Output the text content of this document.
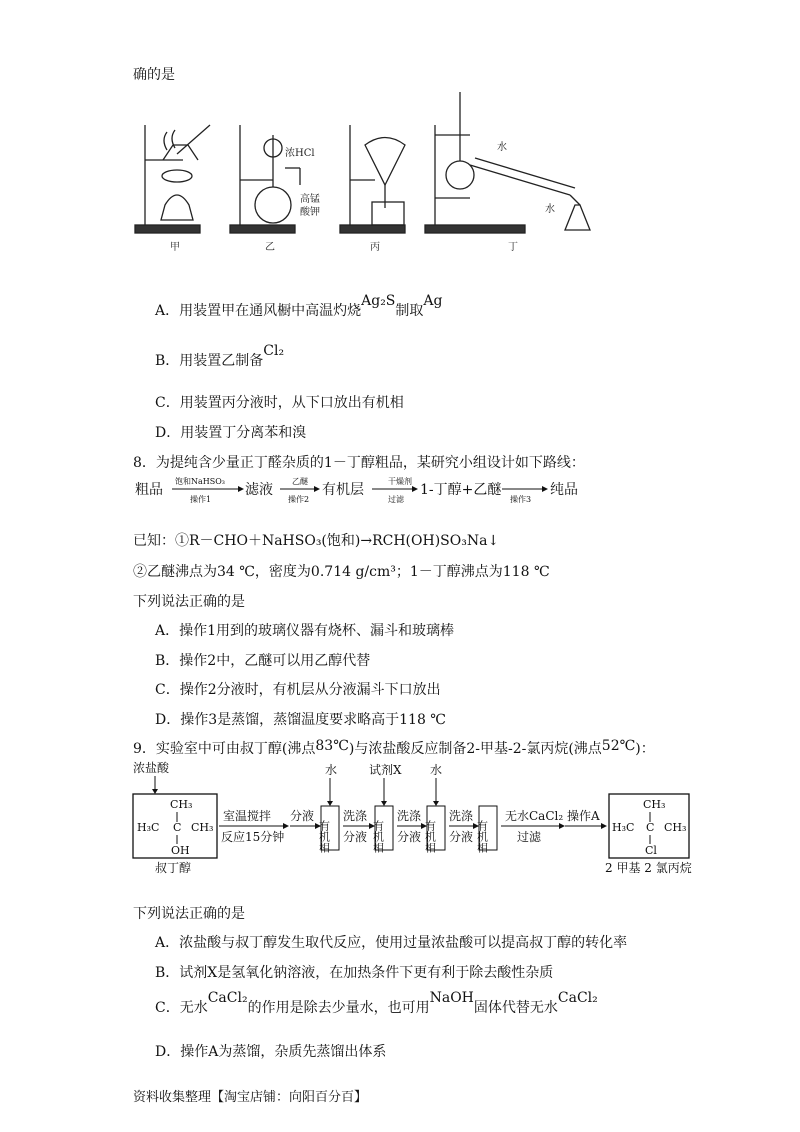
确的是
甲
浓HCl
高锰
酸钾
乙	丙
水
水
丁
A．用装置甲在通风橱中高温灼烧Ag₂S制取Ag
B．用装置乙制备Cl₂
C．用装置丙分液时，从下口放出有机相
D．用装置丁分离苯和溴
8．为提纯含少量正丁醛杂质的1－丁醇粗品，某研究小组设计如下路线：
粗品
饱和NaHSO₃
操作1
滤液
乙醚
操作2
有机层
干燥剂
过滤
1-丁醇+乙醚
操作3
纯品
已知：①R－CHO＋NaHSO₃(饱和)→RCH(OH)SO₃Na↓
②乙醚沸点为34 ℃，密度为0.714 g/cm³；1－丁醇沸点为118 ℃
下列说法正确的是
A．操作1用到的玻璃仪器有烧杯、漏斗和玻璃棒
B．操作2中，乙醚可以用乙醇代替
C．操作2分液时，有机层从分液漏斗下口放出
D．操作3是蒸馏，蒸馏温度要求略高于118 ℃
9．实验室中可由叔丁醇(沸点83℃)与浓盐酸反应制备2-甲基-2-氯丙烷(沸点52℃)：
浓盐酸
CH₃
H₃C C CH₃
OH
叔丁醇
室温搅拌
反应15分钟
分液
有机相
水
洗涤
分液 有机相
试剂X
洗涤
分液 有机相
水
洗涤
分液 有机相
无水CaCl₂
过滤
操作A
CH₃
H₃C C CH₃
Cl
2 甲基 2 氯丙烷
下列说法正确的是
A．浓盐酸与叔丁醇发生取代反应，使用过量浓盐酸可以提高叔丁醇的转化率
B．试剂X是氢氧化钠溶液，在加热条件下更有利于除去酸性杂质
C．无水CaCl₂的作用是除去少量水，也可用NaOH固体代替无水CaCl₂
D．操作A为蒸馏，杂质先蒸馏出体系
资料收集整理【淘宝店铺：向阳百分百】
